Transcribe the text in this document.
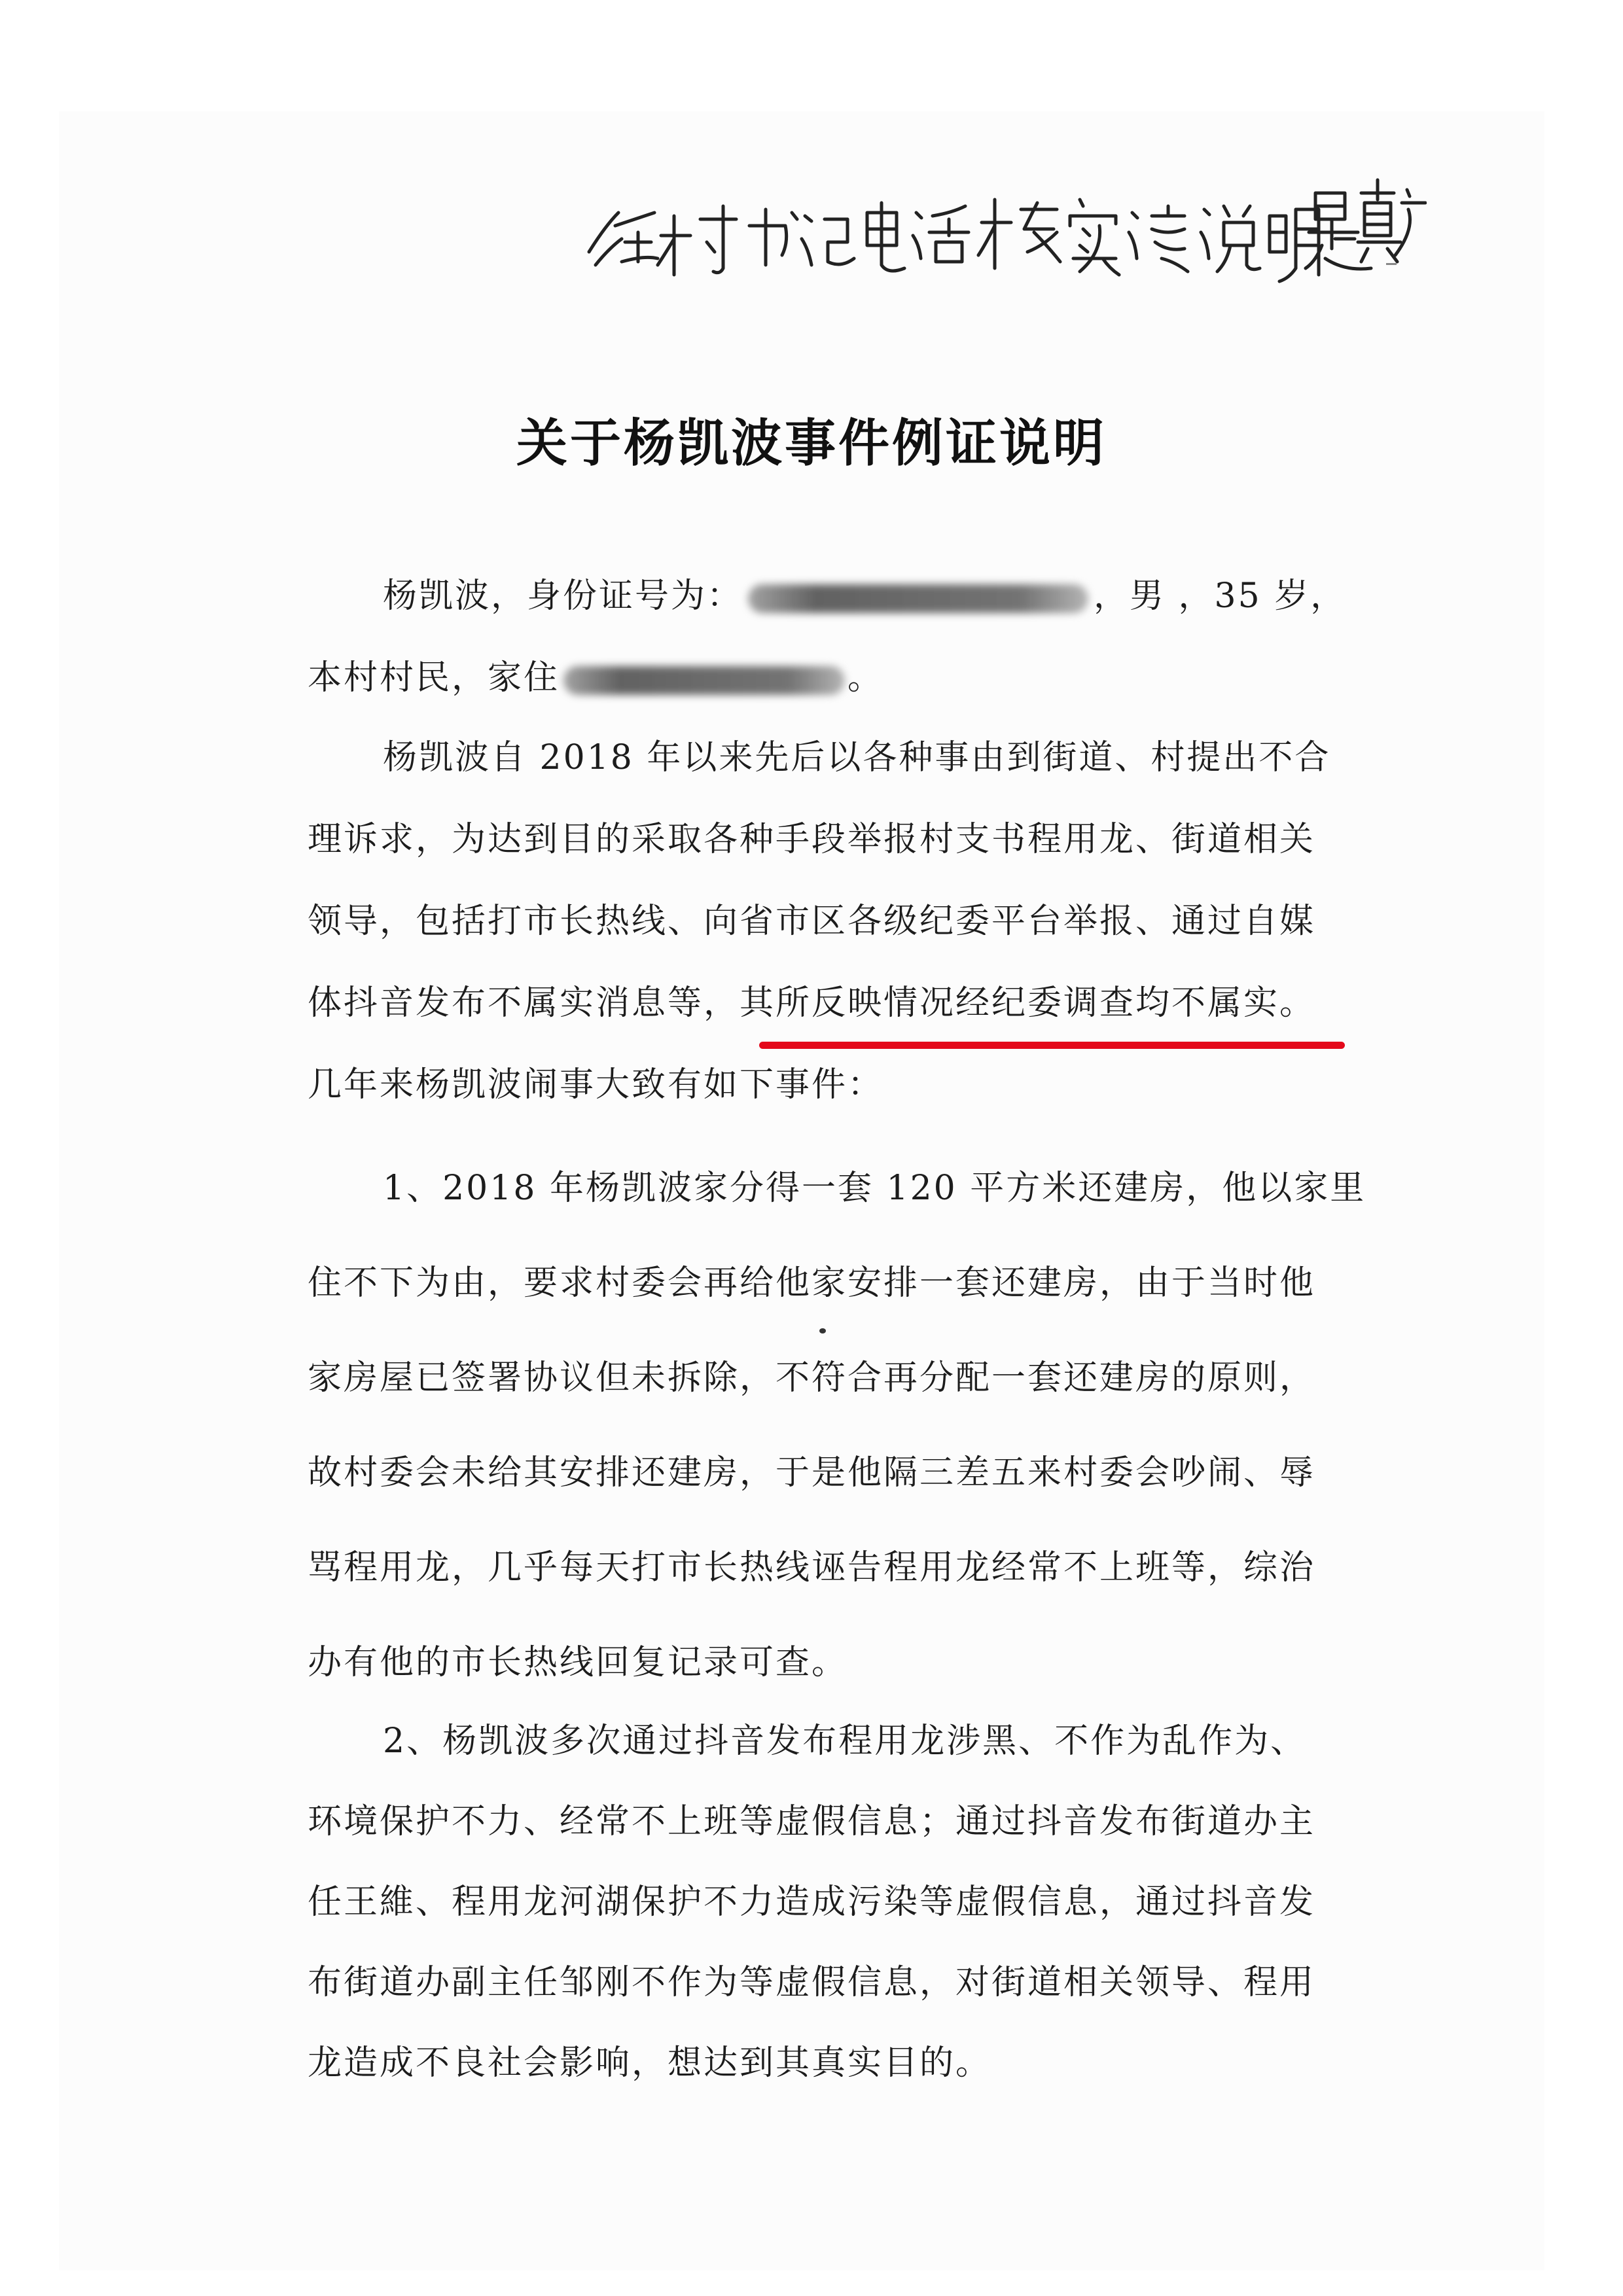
关于杨凯波事件例证说明
杨凯波，身份证号为：	，男 ，35 岁，
本村村民，家住	。
杨凯波自 2018 年以来先后以各种事由到街道、村提出不合
理诉求，为达到目的采取各种手段举报村支书程用龙、街道相关
领导，包括打市长热线、向省市区各级纪委平台举报、通过自媒
体抖音发布不属实消息等，其所反映情况经纪委调查均不属实。
几年来杨凯波闹事大致有如下事件：
1、2018 年杨凯波家分得一套 120 平方米还建房，他以家里
住不下为由，要求村委会再给他家安排一套还建房，由于当时他
家房屋已签署协议但未拆除，不符合再分配一套还建房的原则，
故村委会未给其安排还建房，于是他隔三差五来村委会吵闹、辱
骂程用龙，几乎每天打市长热线诬告程用龙经常不上班等，综治
办有他的市长热线回复记录可查。
2、杨凯波多次通过抖音发布程用龙涉黑、不作为乱作为、
环境保护不力、经常不上班等虚假信息；通过抖音发布街道办主
任王維、程用龙河湖保护不力造成污染等虚假信息，通过抖音发
布街道办副主任邹刚不作为等虚假信息，对街道相关领导、程用
龙造成不良社会影响，想达到其真实目的。
